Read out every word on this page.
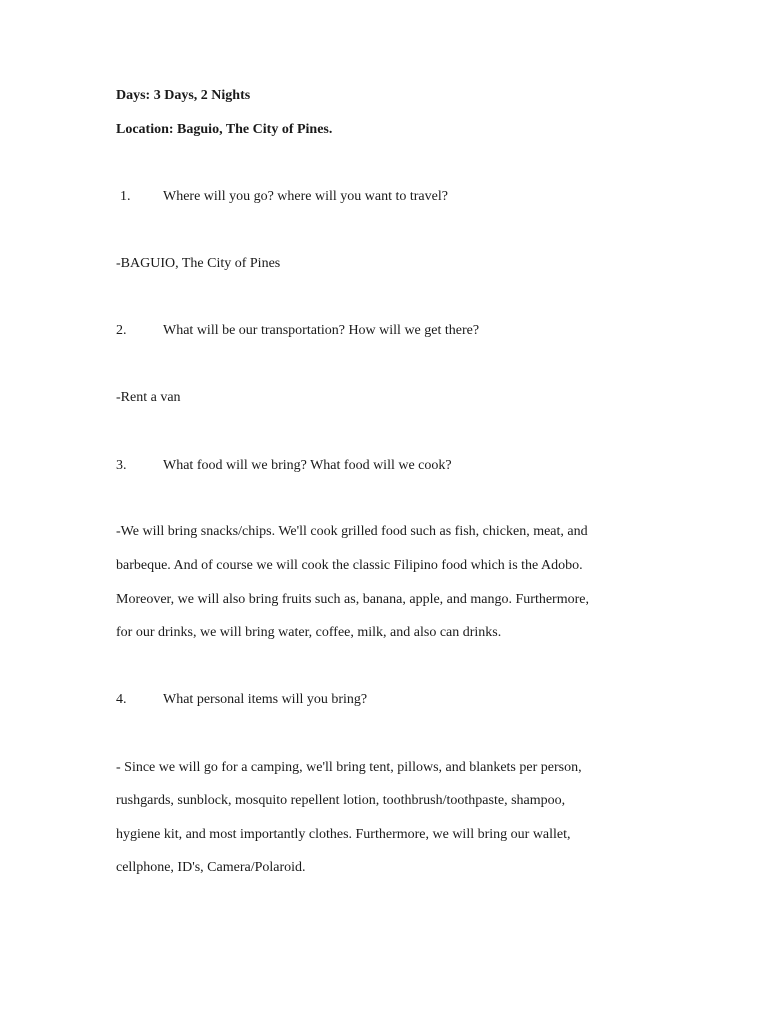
Days: 3 Days, 2 Nights
Location: Baguio, The City of Pines.
1. Where will you go? where will you want to travel?
-BAGUIO, The City of Pines
2.	What will be our transportation? How will we get there?
-Rent a van
3.	What food will we bring? What food will we cook?
-We will bring snacks/chips. We'll cook grilled food such as fish, chicken, meat, and
barbeque. And of course we will cook the classic Filipino food which is the Adobo.
Moreover, we will also bring fruits such as, banana, apple, and mango. Furthermore,
for our drinks, we will bring water, coffee, milk, and also can drinks.
4.	What personal items will you bring?
- Since we will go for a camping, we'll bring tent, pillows, and blankets per person,
rushgards, sunblock, mosquito repellent lotion, toothbrush/toothpaste, shampoo,
hygiene kit, and most importantly clothes. Furthermore, we will bring our wallet,
cellphone, ID's, Camera/Polaroid.
